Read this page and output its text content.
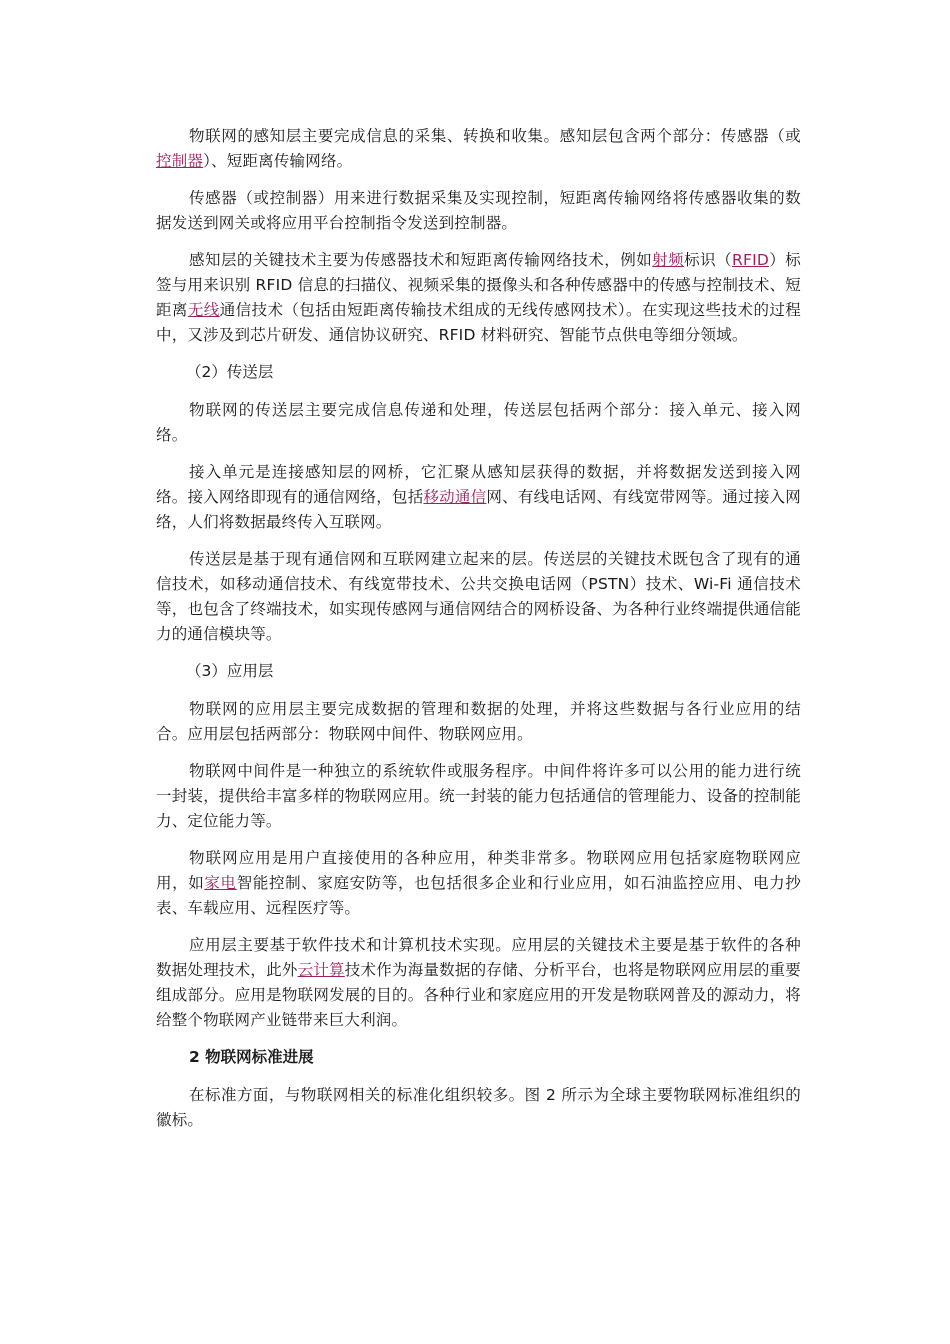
物联网的感知层主要完成信息的采集、转换和收集。感知层包含两个部分：传感器（或控制器）、短距离传输网络。

传感器（或控制器）用来进行数据采集及实现控制，短距离传输网络将传感器收集的数据发送到网关或将应用平台控制指令发送到控制器。

感知层的关键技术主要为传感器技术和短距离传输网络技术，例如射频标识（RFID）标签与用来识别 RFID 信息的扫描仪、视频采集的摄像头和各种传感器中的传感与控制技术、短距离无线通信技术（包括由短距离传输技术组成的无线传感网技术）。在实现这些技术的过程中，又涉及到芯片研发、通信协议研究、RFID 材料研究、智能节点供电等细分领域。

（2）传送层

物联网的传送层主要完成信息传递和处理，传送层包括两个部分：接入单元、接入网络。

接入单元是连接感知层的网桥，它汇聚从感知层获得的数据，并将数据发送到接入网络。接入网络即现有的通信网络，包括移动通信网、有线电话网、有线宽带网等。通过接入网络，人们将数据最终传入互联网。

传送层是基于现有通信网和互联网建立起来的层。传送层的关键技术既包含了现有的通信技术，如移动通信技术、有线宽带技术、公共交换电话网（PSTN）技术、Wi-Fi 通信技术等，也包含了终端技术，如实现传感网与通信网结合的网桥设备、为各种行业终端提供通信能力的通信模块等。

（3）应用层

物联网的应用层主要完成数据的管理和数据的处理，并将这些数据与各行业应用的结合。应用层包括两部分：物联网中间件、物联网应用。

物联网中间件是一种独立的系统软件或服务程序。中间件将许多可以公用的能力进行统一封装，提供给丰富多样的物联网应用。统一封装的能力包括通信的管理能力、设备的控制能力、定位能力等。

物联网应用是用户直接使用的各种应用，种类非常多。物联网应用包括家庭物联网应用，如家电智能控制、家庭安防等，也包括很多企业和行业应用，如石油监控应用、电力抄表、车载应用、远程医疗等。

应用层主要基于软件技术和计算机技术实现。应用层的关键技术主要是基于软件的各种数据处理技术，此外云计算技术作为海量数据的存储、分析平台，也将是物联网应用层的重要组成部分。应用是物联网发展的目的。各种行业和家庭应用的开发是物联网普及的源动力，将给整个物联网产业链带来巨大利润。

2 物联网标准进展

在标准方面，与物联网相关的标准化组织较多。图 2 所示为全球主要物联网标准组织的徽标。
